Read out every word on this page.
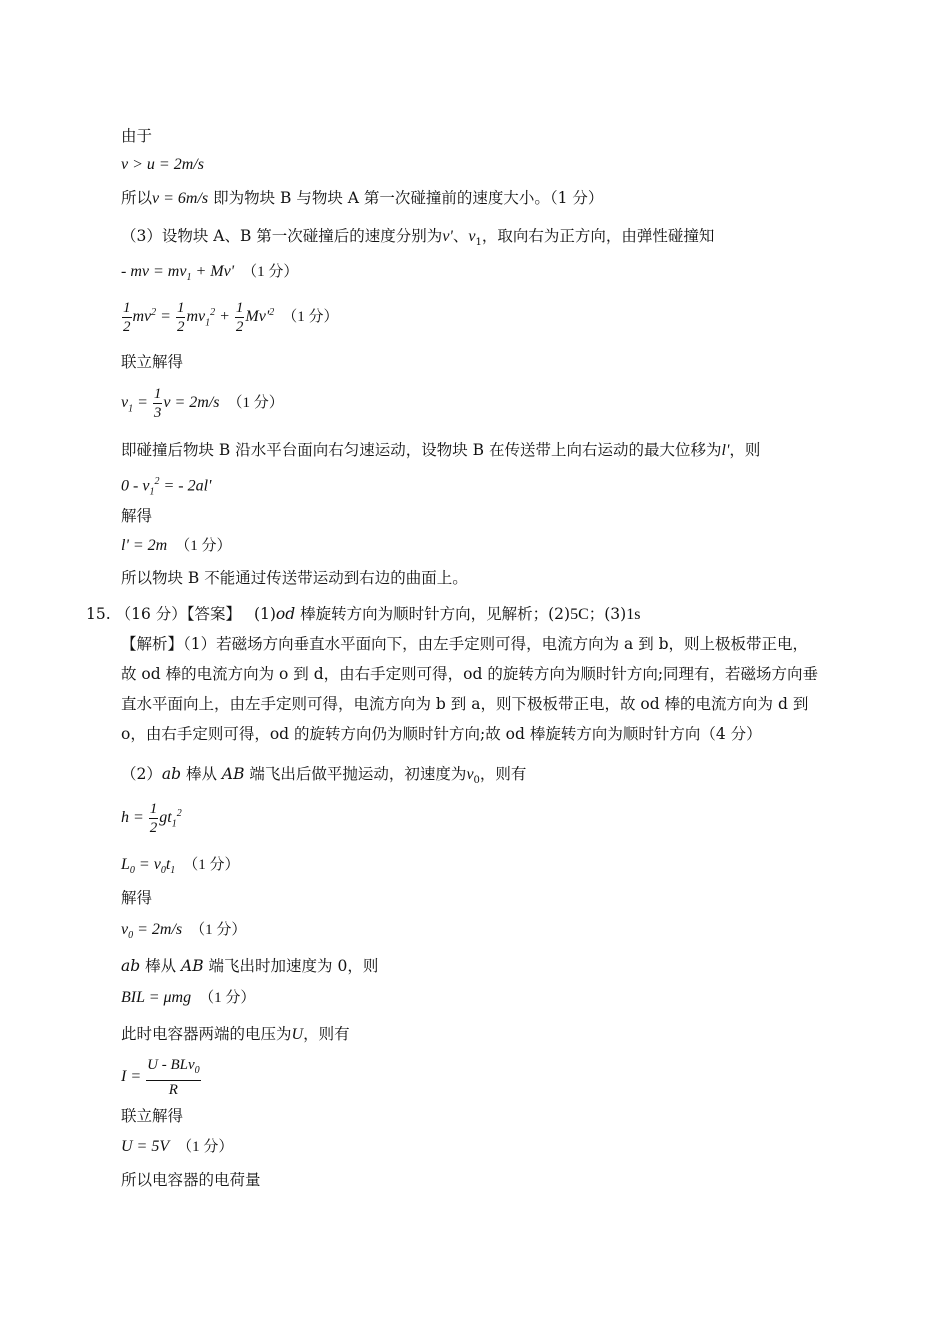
由于
v > u = 2m/s
所以v = 6m/s 即为物块 B 与物块 A 第一次碰撞前的速度大小。（1 分）
（3）设物块 A、B 第一次碰撞后的速度分别为v'、$v_1$，取向右为正方向，由弹性碰撞知
- mv = $mv_1 + Mv'$ （1 分）
$\frac{1}{2} mv^2 = \frac{1}{2} mv_1^2 + \frac{1}{2} Mv'^2$ （1 分）
联立解得
$v_1 = \frac{1}{3}$ v = 2m/s （1 分）
即碰撞后物块 B 沿水平台面向右匀速运动，设物块 B 在传送带上向右运动的最大位移为l'，则
$0 - v_1^2$ = - 2al'
解得
l' = 2m （1 分）
所以物块 B 不能通过传送带运动到右边的曲面上。
15. （16 分）【答案】 (1)od 棒旋转方向为顺时针方向，见解析；(2)5C；(3)1s
【解析】（1）若磁场方向垂直水平面向下，由左手定则可得，电流方向为 a 到 b，则上极板带正电，
故 od 棒的电流方向为 o 到 d，由右手定则可得，od 的旋转方向为顺时针方向;同理有，若磁场方向垂
直水平面向上，由左手定则可得，电流方向为 b 到 a，则下极板带正电，故 od 棒的电流方向为 d 到
o，由右手定则可得，od 的旋转方向仍为顺时针方向;故 od 棒旋转方向为顺时针方向（4 分）
（2）ab 棒从 AB 端飞出后做平抛运动，初速度为$v_0$，则有
$h = \frac{1}{2} gt_1^2$
$L_0 = v_0t_1$ （1 分）
解得
$v_0 = 2m/s$ （1 分）
ab 棒从 AB 端飞出时加速度为 0，则
BIL = μmg （1 分）
此时电容器两端的电压为U，则有
$I = \frac{U - BLv_0}{R}$
联立解得
U = 5V （1 分）
所以电容器的电荷量
